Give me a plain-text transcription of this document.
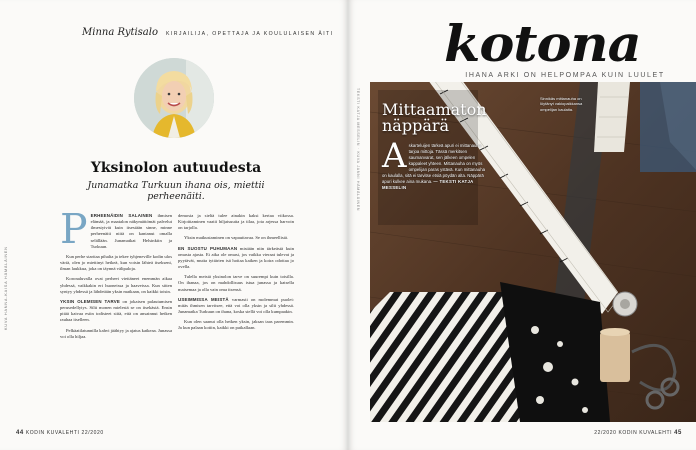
Minna Rytisalo KIRJAILIJA, OPETTAJA JA KOULULAISEN ÄITI
Yksinolon autuudesta
Junamatka Turkuun ihana ois, miettii perheenäiti.
P ERHEENÄIDIN SALAINEN ihmisen elämää, ja maatalon näkymättömät palvelut ilmestyivät kuin itsestään sinne, minne perheenäiti niitä on kantanut omalla selällään. Junamatkat Helsinkiin ja Turkuun.

Kun perhe starttaa pihalta ja tekee tyhjeneville kodin ulos väriä, olen jo miettinyt hetkeä, kun voisin lähteä itsekseni, ilman laukkua, joka on täynnä välipaloja.

Koronaluvalla ovat perheet viettäneet enemmän aikaa yhdessä, vaikkakin eri huoneissa ja haaveissa. Kun sitten syntyy yhdessä ja lähdetään yksin matkaan, on kaikki toisin.

YKSIN OLEMISEN TARVE on jokaisen palautumisen perusedellytys. Silti monen mielestä se on itsekästä. Ensin pitää kaivaa esiin todisteet siitä, että on ansainnut hetken rauhaa itselleen.

Pelkäatilatunnilla kahvi jäähtyy ja ajatus katkeaa. Junassa voi olla hiljaa.

demosia ja sieltä tulee ainakin kaksi kertaa viikossa. Kirjoittaminen vaatii hiljaisuutta ja tilaa, jota arjessa harvoin on tarjolla.

Yksin matkustaminen on vapauttavaa. Se on ihmeellistä.

EN SUOSTU PUHUMAAN mistään niin tärkeästä kuin omasta ajasta. Et aika ole omasi, jos vaikka vieraat tulevat ja pyytävät, mutta tyttärien isä hoitaa kaiken ja koira odottaa jo ovella.

Tulella meistä yksinolon tarve on suurempi kuin toisilla. On ihanaa, jos on mahdollisuus istua junassa ja katsella maisemaa ja olla vain oma itsensä.

USEIMMISSA MEISTÄ varmasti on molemmat puolet: mitäs ihmisen tarvitsee, että voi olla yksin ja silti yhdessä. Junamatka Turkuun on ihana, koska siellä voi olla kumpaakin.

Kun olen saanut olla hetken yksin, jaksan taas paremmin. Ja kun palaan kotiin, kaikki on paikallaan.

KUVA HANNA-KAISA HÄMÄLÄINEN
44 KODIN KUVALEHTI 22/2020
kotona
IHANA ARKI ON HELPOMPAA KUIN LUULET
TEKSTI KATJA MESSELIN · KUVA JANNI HÄMÄLÄINEN Mittaamaton
näppärä
A skarteluijen tärkeä apuri ei mittanauha tarjoa mittoja. Tässä merkitsen saumanvarat, sen jälkeen ompelen kappaleet yhteen. Mittanauha on myös ompelijan paras ystävä. Kun mittanauha on kaulalla, sitä ei tarvitse etsiä pöydän alta. Näppärä apuri kulkee aina mukana. — TEKSTI KATJA MESSELIN
Sinnikäs mittanauha on löytänyt vakiopaikkansa ompelijan kaulalta.
22/2020 KODIN KUVALEHTI 45
